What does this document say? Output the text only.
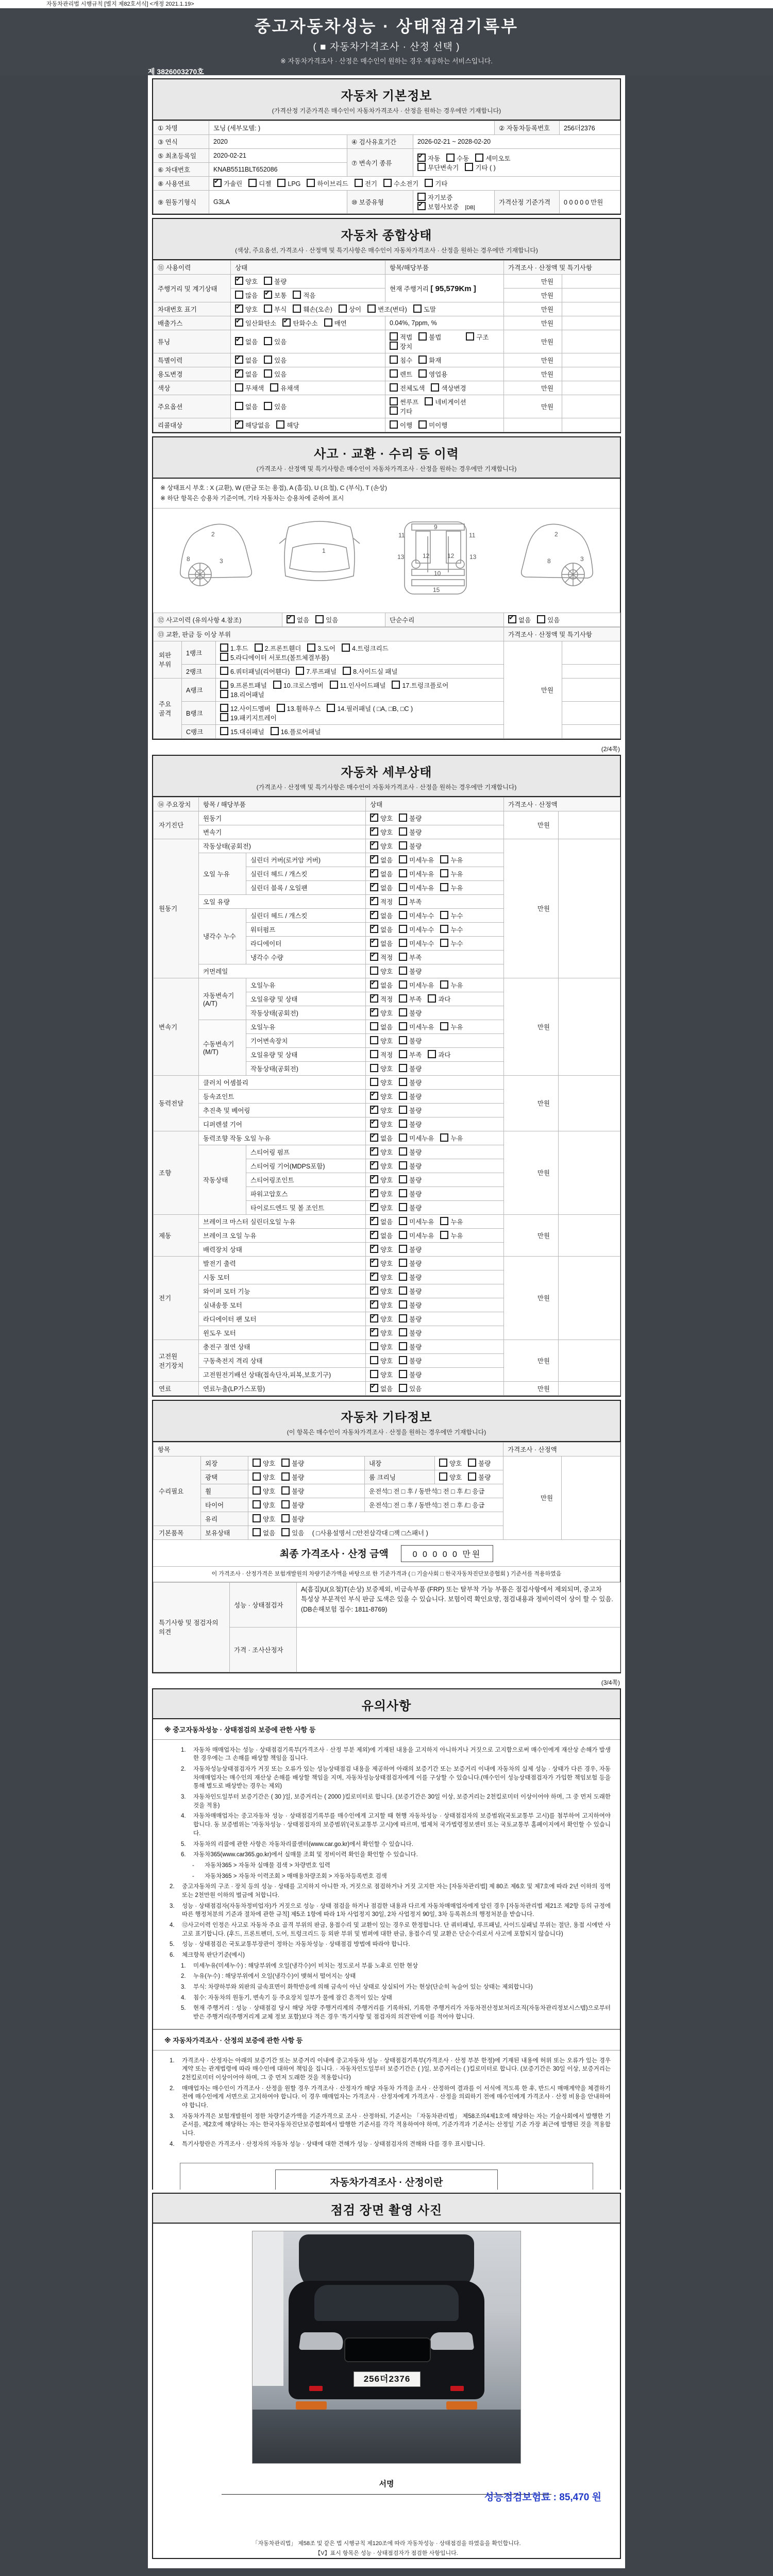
자동차관리법 시행규칙 [별지 제82호서식] <개정 2021.1.19>
중고자동차성능 · 상태점검기록부
( ■ 자동차가격조사 · 산정 선택 )
※ 자동차가격조사 · 산정은 매수인이 원하는 경우 제공하는 서비스입니다.
제 3826003270호
자동차 기본정보
(가격산정 기준가격은 매수인이 자동차가격조사 · 산정을 원하는 경우에만 기재합니다)
① 차명	모닝 (세부모델: )			② 자동차등록번호	256더2376
③ 연식	2020	④ 검사유효기간	2026-02-21 ~ 2028-02-20		
⑤ 최초등록일	2020-02-21	⑦ 변속기 종류	✔자동 수동 세미오토
무단변속기 기타 ( )
⑥ 차대번호	KNAB5511BLT652086				
⑧ 사용연료	✔가솔린 디젤 LPG 하이브리드 전기 수소전기 기타
⑨ 원동기형식	G3LA	⑩ 보증유형	자기보증✔보험사보증 [DB]	가격산정 기준가격	0 0 0 0 0 만원
자동차 종합상태
(색상, 주요옵션, 가격조사 · 산정액 및 특기사항은 매수인이 자동차가격조사 · 산정을 원하는 경우에만 기재합니다)
⑪ 사용이력	상태	항목/해당부품	가격조사 · 산정액 및 특기사항	
주행거리 및 계기상태	✔양호 불량	현재 주행거리 [ 95,579Km ]	만원	
	많음 ✔ 보통 적음		만원	
차대번호 표기	✔양호 부식 훼손(오손) 상이 변조(변타) 도말		만원	
배출가스	✔일산화탄소 ✔ 탄화수소 매연	0.04%, 7ppm, %	만원	
튜닝	✔없음 있음	적법 불법 구조장치	만원	
특별이력	✔없음 있음	침수 화재	만원	
용도변경	✔없음 있음	렌트 영업용	만원	
색상	무채색 유채색	전체도색 색상변경	만원	
주요옵션	없음 있음	썬루프 네비게이션기타	만원	
리콜대상	✔해당없음 해당	이행 미이행		
사고 · 교환 · 수리 등 이력
(가격조사 · 산정액 및 특기사항은 매수인이 자동차가격조사 · 산정을 원하는 경우에만 기재합니다)
※ 상태표시 부호 : X (교환), W (판금 또는 용접), A (흠집), U (요철), C (부식), T (손상)
※ 하단 항목은 승용차 기준이며, 기타 자동차는 승용차에 준하여 표시
2
8	3
1
11	11
9
13	13
12	12
10
15
2
3
8
⑫ 사고이력 (유의사항 4.참조)	✔없음	있음	단순수리	✔없음	있음
⑬ 교환, 판금 등 이상 부위			가격조사 · 산정액 및 특기사항	
외판 부위	1랭크	1.후드 2.프론트휀더 3.도어 4.트렁크리드
5.라디에이터 서포트(볼트체결부품)	만원	
	2랭크	6.쿼터패널(리어휀다) 7.루프패널 8.사이드실 패널		
주요 골격	A랭크	9.프론트패널 10.크로스멤버 11.인사이드패널 17.트렁크플로어
18.리어패널		
	B랭크	12.사이드멤버 13.휠하우스 14.필러패널 ( □A, □B, □C )
19.패키지트레이		
	C랭크	15.대쉬패널 16.플로어패널		
(2/4쪽)
자동차 세부상태
(가격조사 · 산정액 및 특기사항은 매수인이 자동차가격조사 · 산정을 원하는 경우에만 기재합니다)
⑭ 주요장치	항목 / 해당부품		상태	가격조사 · 산정액	
자기진단	원동기	✔양호 불량	만원	
	변속기	✔양호 불량
원동기	작동상태(공회전)	✔양호 불량	만원	
	오일 누유	실린더 커버(로커암 커버)	✔없음 미세누유 누유
		실린더 헤드 / 개스킷	✔없음 미세누유 누유
		실린더 블록 / 오일팬	✔없음 미세누유 누유
	오일 유량	✔적정 부족
	냉각수 누수	실린더 헤드 / 개스킷	✔없음 미세누수 누수
		워터펌프	✔없음 미세누수 누수
		라디에이터	✔없음 미세누수 누수
		냉각수 수량	✔적정 부족
	커먼레일		양호 불량		
변속기	자동변속기 (A/T)	오일누유	✔없음 미세누유 누유	만원	
		오일유량 및 상태	✔적정 부족 과다
		작동상태(공회전)	✔양호 불량
	수동변속기 (M/T)	오일누유	없음 미세누유 누유		
		기어변속장치	양호 불량		
		오일유량 및 상태	적정 부족 과다		
		작동상태(공회전)	양호 불량		
동력전달	클러치 어셈블리		양호 불량	만원	
	등속죠인트	✔양호 불량
	추진축 및 베어링	✔양호 불량
	디퍼렌셜 기어	✔양호 불량
조향	동력조향 작동 오일 누유	✔없음 미세누유 누유	만원	
	작동상태	스티어링 펌프	✔양호 불량
		스티어링 기어(MDPS포함)	✔양호 불량
		스티어링조인트	✔양호 불량
		파워고압호스	✔양호 불량
		타이로드엔드 및 볼 조인트	✔양호 불량
제동	브레이크 마스터 실린더오일 누유	✔없음 미세누유 누유	만원	
	브레이크 오일 누유	✔없음 미세누유 누유
	배력장치 상태	✔양호 불량
전기	발전기 출력	✔양호 불량	만원	
	시동 모터	✔양호 불량
	와이퍼 모터 기능	✔양호 불량
	실내송풍 모터	✔양호 불량
	라디에이터 팬 모터	✔양호 불량
	윈도우 모터	✔양호 불량
고전원 전기장치	충전구 절연 상태		양호 불량	만원	
	구동축전지 격리 상태		양호 불량		
	고전원전기배선 상태(접속단자,피복,보호기구)		양호 불량		
연료	연료누출(LP가스포함)	✔없음 있음	만원	
자동차 기타정보
(이 항목은 매수인이 자동차가격조사 · 산정을 원하는 경우에만 기재합니다)
항목					가격조사 · 산정액	
수리필요	외장	양호 불량	내장	양호 불량	만원	
	광택	양호 불량	룸 크리닝	양호 불량		
	휠	양호 불량	운전석□ 전 □ 후 / 동반석□ 전 □ 후 /□ 응급			
	타이어	양호 불량	운전석□ 전 □ 후 / 동반석□ 전 □ 후 /□ 응급			
	유리	양호 불량				
기본품목	보유상태	없음 있음 ( □사용설명서 □안전삼각대 □잭 □스패너 )				
최종 가격조사 · 산정 금액	0 0 0 0 0 만원
이 가격조사 · 산정가격은 보험개발원의 차량기준가액을 바탕으로 한 기준가격과 ( □ 기술사회 □ 한국자동차진단보증협회 ) 기준서를 적용하였음
특기사항 및 점검자의 의견	성능 · 상태점검자	A(흠집)U(요철)T(손상) 보증제외, 비금속부품 (FRP) 또는 탈부착 가능 부품은 점검사항에서 제외되며, 중고차 특성상 부분적인 부식 판금 도색은 있을 수 있습니다. 보험이력 확인요망, 점검내용과 정비이력이 상이 할 수 있음. (DB손해보험 접수: 1811-8769)
	가격 · 조사산정자	
(3/4쪽)
유의사항
※ 중고자동차성능 · 상태점검의 보증에 관한 사항 등
1. 자동차 매매업자는 성능 · 상태점검기록부(가격조사 · 산정 부분 제외)에 기재된 내용을 고지하지 아니하거나 거짓으로 고지함으로써 매수인에게 재산상 손해가 발생한 경우에는 그 손해를 배상할 책임을 집니다.
2. 자동차성능상태점검자가 거짓 또는 오류가 있는 성능상태점검 내용을 제공하여 아래의 보증기간 또는 보증거리 이내에 자동차의 실제 성능 · 상태가 다른 경우, 자동차매매업자는 매수인의 재산상 손해를 배상할 책임을 지며, 자동차성능상태점검자에게 이를 구상할 수 있습니다.(매수인이 성능상태점검자가 가입한 책임보험 등을 통해 별도로 배상받는 경우는 제외)
3. 자동차인도일부터 보증기간은 ( 30 )일, 보증거리는 ( 2000 )킬로미터로 합니다. (보증기간은 30일 이상, 보증거리는 2천킬로미터 이상이어야 하며, 그 중 먼저 도래한 것을 적용)
4. 자동차매매업자는 중고자동차 성능 · 상태점검기록부를 매수인에게 고지할 때 현행 자동차성능 · 상태점검자의 보증범위(국토교통부 고시)를 첨부하여 고지하여야 합니다. 동 보증범위는 '자동차성능 · 상태점검자의 보증범위'(국토교통부 고시)에 따르며, 법제처 국가법령정보센터 또는 국토교통부 홈페이지에서 확인할 수 있습니다.
5. 자동차의 리콜에 관한 사항은 자동차리콜센터(www.car.go.kr)에서 확인할 수 있습니다.
6. 자동차365(www.car365.go.kr)에서 실매물 조회 및 정비이력 확인을 확인할 수 있습니다.
- 자동차365 > 자동차 실매물 검색 > 차량번호 입력
- 자동차365 > 자동차 이력조회 > 매매용차량조회 > 자동차등록번호 검색
2. 중고자동차의 구조 · 장치 등의 성능 · 상태를 고지하지 아니한 자, 거짓으로 점검하거나 거짓 고지한 자는 [자동차관리법] 제 80조 제6호 및 제7호에 따라 2년 이하의 징역 또는 2천만원 이하의 벌금에 처합니다.
3. 성능 · 상태점검자(자동차정비업자)가 거짓으로 성능 · 상태 점검을 하거나 점검한 내용과 다르게 자동차매매업자에게 알린 경우 [자동차관리법 제21조 제2항 등의 규정에 따른 행정처분의 기준과 절차에 관한 규칙] 제5조 1항에 따라 1차 사업정지 30일, 2차 사업정지 90일, 3차 등록취소의 행정처분을 받습니다.
4. ⑫사고이력 인정은 사고로 자동차 주요 골격 부위의 판금, 용접수리 및 교환이 있는 경우로 한정합니다. 단 쿼터패널, 루프패널, 사이드실패널 부위는 절단, 용접 시에만 사고로 표기합니다. (후드, 프론트펜더, 도어, 트렁크리드 등 외판 부위 및 범퍼에 대한 판금, 용접수리 및 교환은 단순수리로서 사고에 포함되지 않습니다)
5. 성능 · 상태점검은 국토교통부장관이 정하는 자동차성능 · 상태점검 방법에 따라야 합니다.
6. 체크항목 판단기준(예시)
1. 미세누유(미세누수) : 해당부위에 오일(냉각수)이 비치는 정도로서 부품 노후로 인한 현상
2. 누유(누수) : 해당부위에서 오일(냉각수)이 맺혀서 떨어지는 상태
3. 부식: 차량하부와 외판의 금속표면이 화학반응에 의해 금속이 아닌 상태로 상실되어 가는 현상(단순히 녹슬어 있는 상태는 제외합니다)
4. 침수: 자동차의 원동기, 변속기 등 주요장치 일부가 물에 잠긴 흔적이 있는 상태
5. 현재 주행거리 : 성능 · 상태점검 당시 해당 차량 주행거리계의 주행거리를 기록하되, 기록한 주행거리가 자동차전산정보처리조직(자동차관리정보시스템)으로부터 받은 주행거리(주행거리계 교체 정보 포함)보다 적은 경우 '특기사항 및 점검자의 의견'란에 이를 적어야 합니다.
※ 자동차가격조사 · 산정의 보증에 관한 사항 등
1. 가격조사 · 산정자는 아래의 보증기간 또는 보증거리 이내에 중고자동차 성능 · 상태점검기록부(가격조사 · 산정 부분 한정)에 기재된 내용에 허위 또는 오류가 있는 경우 계약 또는 관계법령에 따라 매수인에 대하여 책임을 집니다. · 자동차인도일부터 보증기간은 ( )일, 보증거리는 ( )킬로미터로 합니다. (보증기간은 30일 이상, 보증거리는 2천킬로미터 이상이어야 하며, 그 중 먼저 도래한 것을 적용합니다)
2. 매매업자는 매수인이 가격조사 · 산정을 원할 경우 가격조사 · 산정자가 해당 자동차 가격을 조사 · 산정하여 결과를 이 서식에 적도록 한 후, 반드시 매매계약을 체결하기 전에 매수인에게 서면으로 고지하여야 합니다. 이 경우 매매업자는 가격조사 · 산정자에게 가격조사 · 산정을 의뢰하기 전에 매수인에게 가격조사 · 산정 비용을 안내하여야 합니다.
3. 자동차가격은 보험개발원이 정한 차량기준가액을 기준가격으로 조사 · 산정하되, 기준서는 「자동차관리법」 제58조의4제1호에 해당하는 자는 기술사회에서 발행한 기준서를, 제2호에 해당하는 자는 한국자동차진단보증협회에서 발행한 기준서를 각각 적용하여야 하며, 기준가격과 기준서는 산정일 기준 가장 최근에 발행된 것을 적용합니다.
4. 특기사항란은 가격조사 · 산정자의 자동차 성능 · 상태에 대한 견해가 성능 · 상태점검자의 견해와 다를 경우 표시합니다.
자동차가격조사 · 산정이란
점검 장면 촬영 사진
256더2376
서명
성능점검보험료 : 85,470 원
「자동차관리법」 제58조 및 같은 법 시행규칙 제120조에 따라 자동차성능 · 상태점검을 하였음을 확인합니다.
【V】표시 항목은 성능 · 상태점검자가 점검한 사항입니다.
